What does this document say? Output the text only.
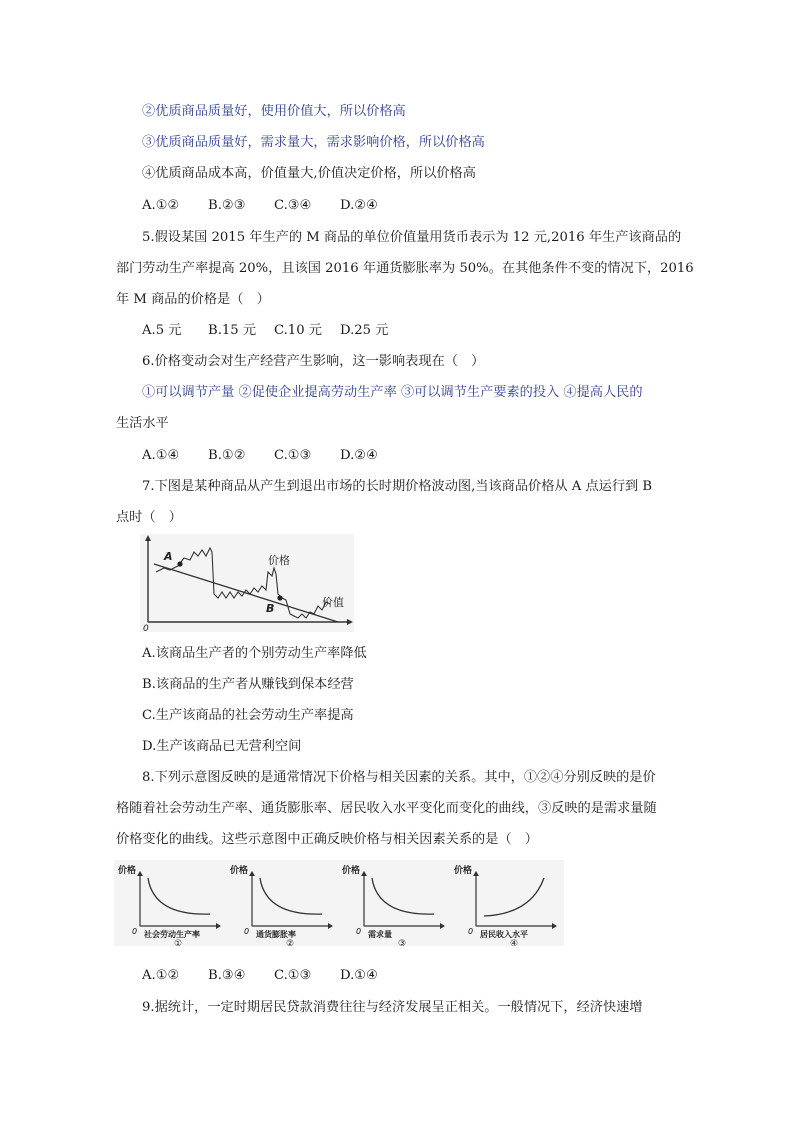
②优质商品质量好，使用价值大，所以价格高
③优质商品质量好，需求量大，需求影响价格，所以价格高
④优质商品成本高，价值量大,价值决定价格，所以价格高
A.①②	B.②③	C.③④	D.②④
5.假设某国 2015 年生产的 M 商品的单位价值量用货币表示为 12 元,2016 年生产该商品的
部门劳动生产率提高 20%，且该国 2016 年通货膨胀率为 50%。在其他条件不变的情况下，2016
年 M 商品的价格是（　）
A.5 元	B.15 元	C.10 元	D.25 元
6.价格变动会对生产经营产生影响，这一影响表现在（　）
①可以调节产量 ②促使企业提高劳动生产率 ③可以调节生产要素的投入 ④提高人民的
生活水平
A.①④	B.①②	C.①③	D.②④
7.下图是某种商品从产生到退出市场的长时期价格波动图,当该商品价格从 A 点运行到 B
点时（　）
A
B
价格
价值
0
A.该商品生产者的个别劳动生产率降低
B.该商品的生产者从赚钱到保本经营
C.生产该商品的社会劳动生产率提高
D.生产该商品已无营利空间
8.下列示意图反映的是通常情况下价格与相关因素的关系。其中，①②④分别反映的是价
格随着社会劳动生产率、通货膨胀率、居民收入水平变化而变化的曲线，③反映的是需求量随
价格变化的曲线。这些示意图中正确反映价格与相关因素关系的是（　）
价格
0 社会劳动生产率
①
价格
0 通货膨胀率
②
价格
0 需求量
③
价格
0 居民收入水平
④
A.①②	B.③④	C.①③	D.①④
9.据统计，一定时期居民贷款消费往往与经济发展呈正相关。一般情况下，经济快速增
